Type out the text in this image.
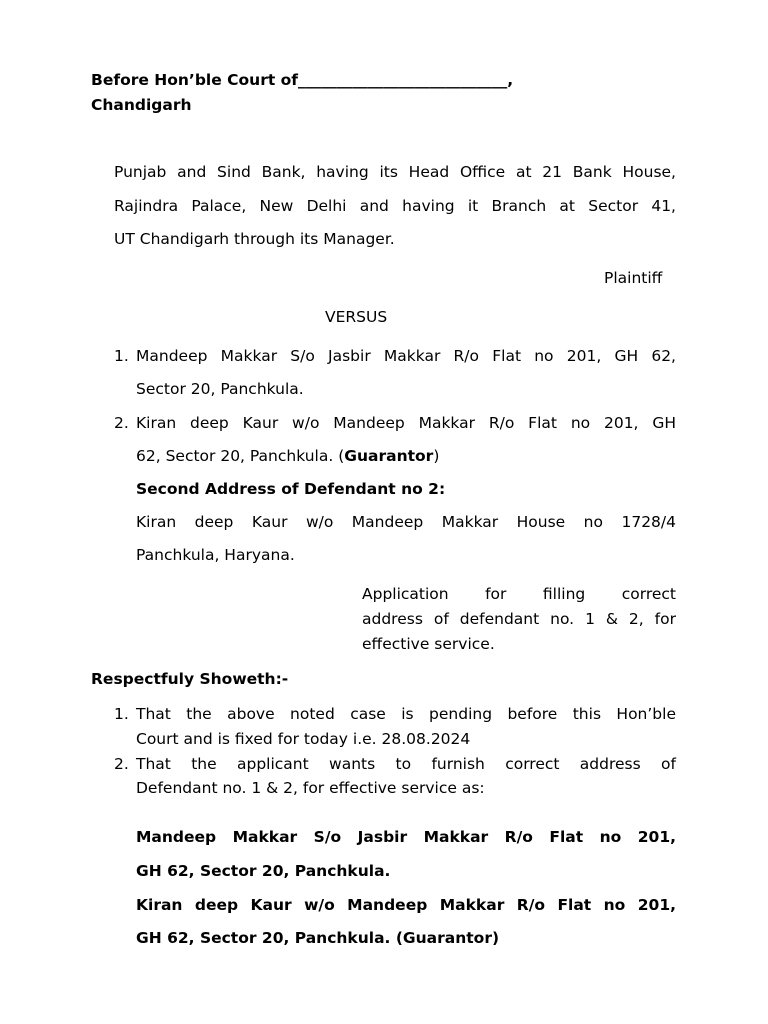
Before Hon’ble Court of___________________________,
Chandigarh
Punjab and Sind Bank, having its Head Office at 21 Bank House,
Rajindra Palace, New Delhi and having it Branch at Sector 41,
UT Chandigarh through its Manager.
Plaintiff
VERSUS
1. Mandeep Makkar S/o Jasbir Makkar R/o Flat no 201, GH 62,
Sector 20, Panchkula.
2. Kiran deep Kaur w/o Mandeep Makkar R/o Flat no 201, GH
62, Sector 20, Panchkula. (Guarantor)
Second Address of Defendant no 2:
Kiran deep Kaur w/o Mandeep Makkar House no 1728/4
Panchkula, Haryana.
Application for filling correct
address of defendant no. 1 & 2, for
effective service.
Respectfuly Showeth:-
1. That the above noted case is pending before this Hon’ble
Court and is fixed for today i.e. 28.08.2024
2. That the applicant wants to furnish correct address of
Defendant no. 1 & 2, for effective service as:
Mandeep Makkar S/o Jasbir Makkar R/o Flat no 201,
GH 62, Sector 20, Panchkula.
Kiran deep Kaur w/o Mandeep Makkar R/o Flat no 201,
GH 62, Sector 20, Panchkula. (Guarantor)
